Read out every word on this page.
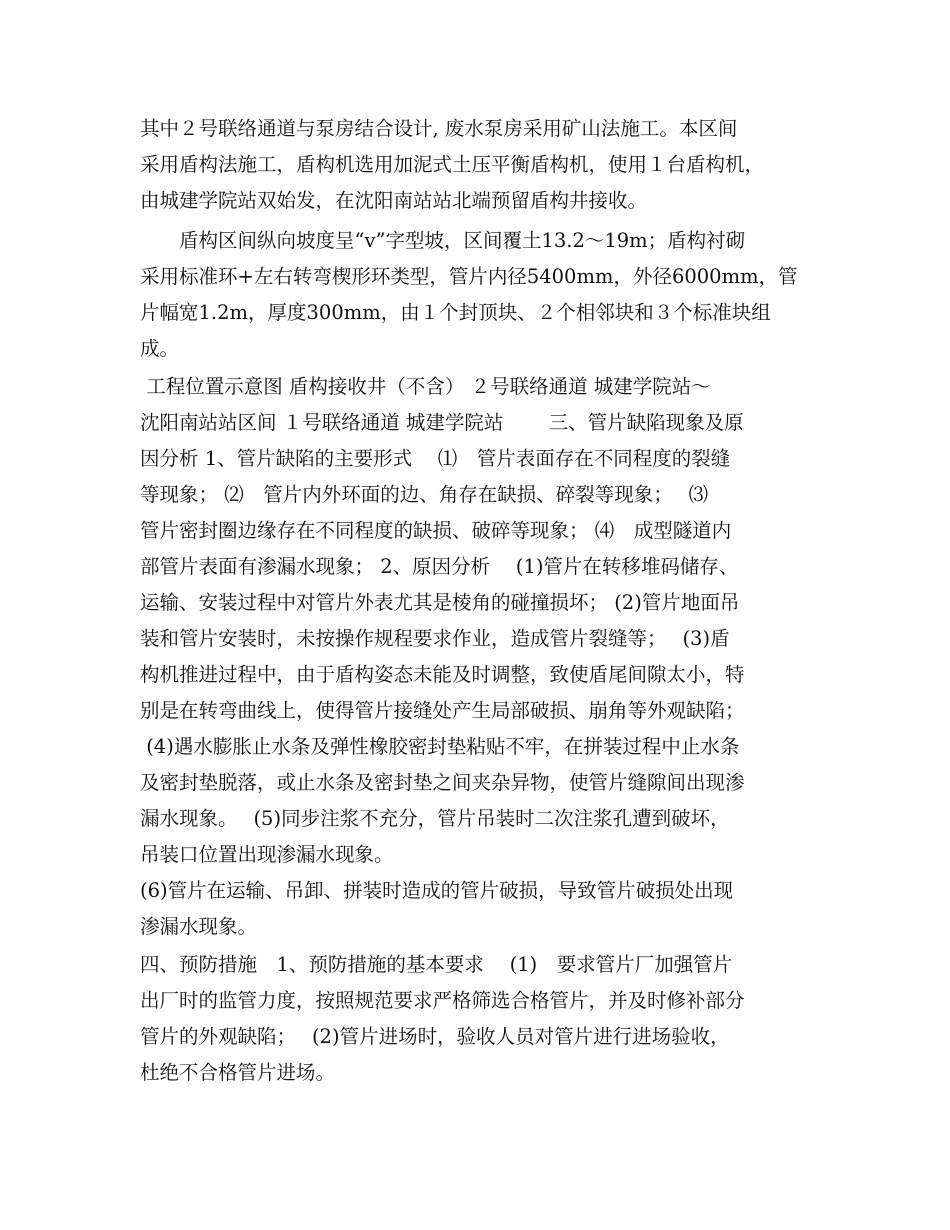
其中２号联络通道与泵房结合设计, 废水泵房采用矿山法施工。本区间
采用盾构法施工，盾构机选用加泥式土压平衡盾构机，使用１台盾构机，
由城建学院站双始发，在沈阳南站站北端预留盾构井接收。
　　盾构区间纵向坡度呈“v”字型坡，区间覆土13.2～19m；盾构衬砌
采用标准环+左右转弯楔形环类型，管片内径5400mm，外径6000mm，管
片幅宽1.2m，厚度300mm，由１个封顶块、２个相邻块和３个标准块组
成。
工程位置示意图 盾构接收井（不含） ２号联络通道 城建学院站～
沈阳南站站区间 １号联络通道 城建学院站　　 三、管片缺陷现象及原
因分析 1、管片缺陷的主要形式　 ⑴　管片表面存在不同程度的裂缝
等现象； ⑵　管片内外环面的边、角存在缺损、碎裂等现象；　 ⑶
管片密封圈边缘存在不同程度的缺损、破碎等现象； ⑷　成型隧道内
部管片表面有渗漏水现象； 2、原因分析　 (1)管片在转移堆码储存、
运输、安装过程中对管片外表尤其是棱角的碰撞损坏； (2)管片地面吊
装和管片安装时，未按操作规程要求作业，造成管片裂缝等；　 (3)盾
构机推进过程中，由于盾构姿态未能及时调整，致使盾尾间隙太小，特
别是在转弯曲线上，使得管片接缝处产生局部破损、崩角等外观缺陷；
(4)遇水膨胀止水条及弹性橡胶密封垫粘贴不牢，在拼装过程中止水条
及密封垫脱落，或止水条及密封垫之间夹杂异物，使管片缝隙间出现渗
漏水现象。　 (5)同步注浆不充分，管片吊装时二次注浆孔遭到破坏，
吊装口位置出现渗漏水现象。
(6)管片在运输、吊卸、拼装时造成的管片破损，导致管片破损处出现
渗漏水现象。
四、预防措施　1、预防措施的基本要求　 (1)　要求管片厂加强管片
出厂时的监管力度，按照规范要求严格筛选合格管片，并及时修补部分
管片的外观缺陷；　 (2)管片进场时，验收人员对管片进行进场验收，
杜绝不合格管片进场。
